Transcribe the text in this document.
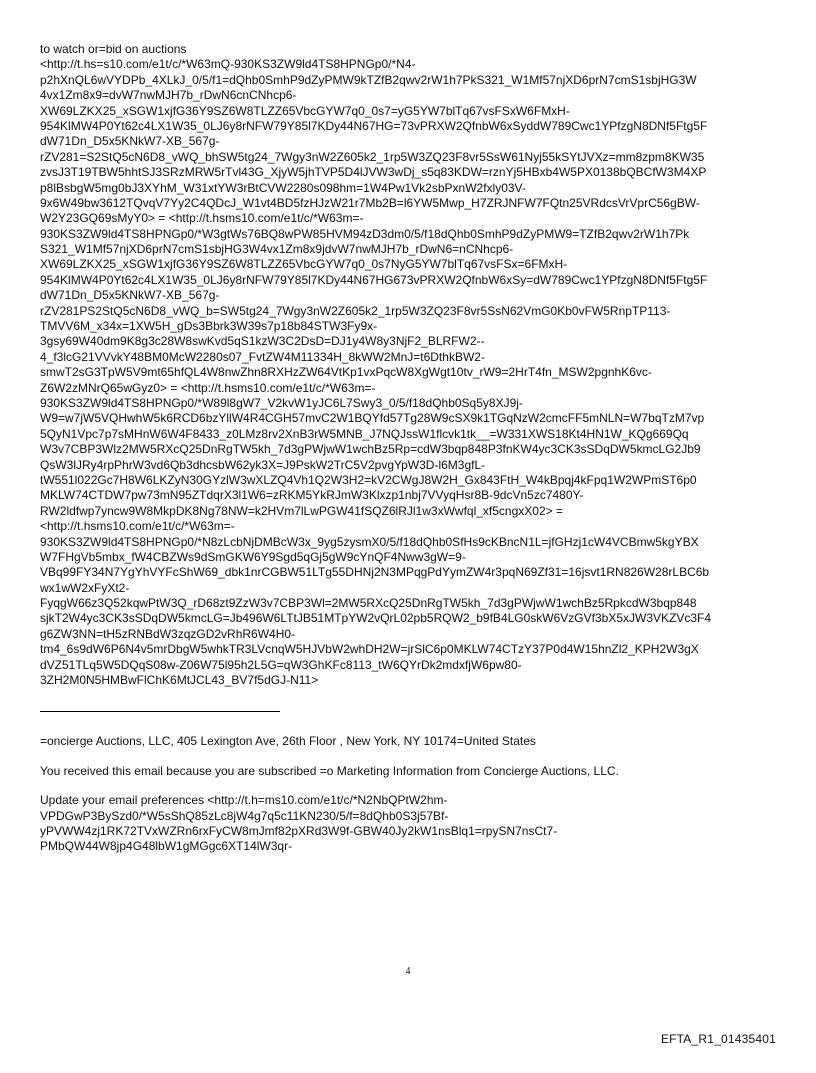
to watch or=bid on auctions
<http://t.hs=s10.com/e1t/c/*W63mQ-930KS3ZW9ld4TS8HPNGp0/*N4-
p2hXnQL6wVYDPb_4XLkJ_0/5/f1=dQhb0SmhP9dZyPMW9kTZfB2qwv2rW1h7PkS321_W1Mf57njXD6prN7cmS1sbjHG3W
4vx1Zm8x9=dvW7nwMJH7b_rDwN6cnCNhcp6-
XW69LZKX25_xSGW1xjfG36Y9SZ6W8TLZZ65VbcGYW7q0_0s7=yG5YW7blTq67vsFSxW6FMxH-
954KlMW4P0Yt62c4LX1W35_0LJ6y8rNFW79Y85l7KDy44N67HG=73vPRXW2QfnbW6xSyddW789Cwc1YPfzgN8DNf5Ftg5F
dW71Dn_D5x5KNkW7-XB_567g-
rZV281=S2StQ5cN6D8_vWQ_bhSW5tg24_7Wgy3nW2Z605k2_1rp5W3ZQ23F8vr5SsW61Nyj55kSYtJVXz=mm8zpm8KW35
zvsJ3T19TBW5hhtSJ3SRzMRW5rTvl43G_XjyW5jhTVP5D4lJVW3wDj_s5q83KDW=rznYj5HBxb4W5PX0138bQBCfW3M4XP
p8lBsbgW5mg0bJ3XYhM_W31xtYW3rBtCVW2280s098hm=1W4Pw1Vk2sbPxnW2fxly03V-
9x6W49bw3612TQvqV7Yy2C4QDcJ_W1vt4BD5fzHJzW21r7Mb2B=l6YW5Mwp_H7ZRJNFW7FQtn25VRdcsVrVprC56gBW-
W2Y23GQ69sMyY0> = <http://t.hsms10.com/e1t/c/*W63m=-
930KS3ZW9ld4TS8HPNGp0/*W3gtWs76BQ8wPW85HVM94zD3dm0/5/f18dQhb0SmhP9dZyPMW9=TZfB2qwv2rW1h7Pk
S321_W1Mf57njXD6prN7cmS1sbjHG3W4vx1Zm8x9jdvW7nwMJH7b_rDwN6=nCNhcp6-
XW69LZKX25_xSGW1xjfG36Y9SZ6W8TLZZ65VbcGYW7q0_0s7NyG5YW7blTq67vsFSx=6FMxH-
954KlMW4P0Yt62c4LX1W35_0LJ6y8rNFW79Y85l7KDy44N67HG673vPRXW2QfnbW6xSy=dW789Cwc1YPfzgN8DNf5Ftg5F
dW71Dn_D5x5KNkW7-XB_567g-
rZV281PS2StQ5cN6D8_vWQ_b=SW5tg24_7Wgy3nW2Z605k2_1rp5W3ZQ23F8vr5SsN62VmG0Kb0vFW5RnpTP113-
TMVV6M_x34x=1XW5H_gDs3Bbrk3W39s7p18b84STW3Fy9x-
3gsy69W40dm9K8g3c28W8swKvd5qS1kzW3C2DsD=DJ1y4W8y3NjF2_BLRFW2--
4_f3lcG21VVvkY48BM0McW2280s07_FvtZW4M11334H_8kWW2MnJ=t6DthkBW2-
smwT2sG3TpW5V9mt65hfQL4W8nwZhn8RXHzZW64VtKp1vxPqcW8XgWgt10tv_rW9=2HrT4fn_MSW2pgnhK6vc-
Z6W2zMNrQ65wGyz0> = <http://t.hsms10.com/e1t/c/*W63m=-
930KS3ZW9ld4TS8HPNGp0/*W89l8gW7_V2kvW1yJC6L7Swy3_0/5/f18dQhb0Sq5y8XJ9j-
W9=w7jW5VQHwhW5k6RCD6bzYllW4R4CGH57mvC2W1BQYfd57Tg28W9cSX9k1TGqNzW2cmcFF5mNLN=W7bqTzM7vp
5QyN1Vpc7p7sMHnW6W4F8433_z0LMz8rv2XnB3rW5MNB_J7NQJssW1flcvk1tk__=W331XWS18Kt4HN1W_KQg669Qq
W3v7CBP3Wlz2MW5RXcQ25DnRgTW5kh_7d3gPWjwW1wchBz5Rp=cdW3bqp848P3fnKW4yc3CK3sSDqDW5kmcLG2Jb9
QsW3lJRy4rpPhrW3vd6Qb3dhcsbW62yk3X=J9PskW2TrC5V2pvgYpW3D-l6M3gfL-
tW551l022Gc7H8W6LKZyN30GYzlW3wXLZQ4Vh1Q2W3H2=kV2CWgJ8W2H_Gx843FtH_W4kBpqj4kFpq1W2WPmST6p0
MKLW74CTDW7pw73mN95ZTdqrX3l1W6=zRKM5YkRJmW3Klxzp1nbj7VVyqHsr8B-9dcVn5zc7480Y-
RW2ldfwp7yncw9W8MkpDK8Ng78NW=k2HVm7lLwPGW41fSQZ6lRJl1w3xWwfql_xf5cngxX02> =
<http://t.hsms10.com/e1t/c/*W63m=-
930KS3ZW9ld4TS8HPNGp0/*N8zLcbNjDMBcW3x_9yg5zysmX0/5/f18dQhb0SfHs9cKBncN1L=jfGHzj1cW4VCBmw5kgYBX
W7FHgVb5mbx_fW4CBZWs9dSmGKW6Y9Sgd5qGj5gW9cYnQF4Nww3gW=9-
VBq99FY34N7YgYhVYFcShW69_dbk1nrCGBW51LTg55DHNj2N3MPqgPdYymZW4r3pqN69Zf31=16jsvt1RN826W28rLBC6b
wx1wW2xFyXt2-
FyqgW66z3Q52kqwPtW3Q_rD68zt9ZzW3v7CBP3Wl=2MW5RXcQ25DnRgTW5kh_7d3gPWjwW1wchBz5RpkcdW3bqp848
sjkT2W4yc3CK3sSDqDW5kmcLG=Jb496W6LTtJB51MTpYW2vQrL02pb5RQW2_b9fB4LG0skW6VzGVf3bX5xJW3VKZVc3F4
g6ZW3NN=tH5zRNBdW3zqzGD2vRhR6W4H0-
tm4_6s9dW6P6N4v5mrDbgW5whkTR3LVcnqW5HJVbW2whDH2W=jrSlC6p0MKLW74CTzY37P0d4W15hnZl2_KPH2W3gX
dVZ51TLq5W5DQqS08w-Z06W75l95h2L5G=qW3GhKFc8113_tW6QYrDk2mdxfjW6pw80-
3ZH2M0N5HMBwFlChK6MtJCL43_BV7f5dGJ-N11>
=oncierge Auctions, LLC, 405 Lexington Ave, 26th Floor , New York, NY 10174=United States
You received this email because you are subscribed =o Marketing Information from Concierge Auctions, LLC.
Update your email preferences <http://t.h=ms10.com/e1t/c/*N2NbQPtW2hm-
VPDGwP3BySzd0/*W5sShQ85zLc8jW4g7q5c11KN230/5/f=8dQhb0S3j57Bf-
yPVWW4zj1RK72TVxWZRn6rxFyCW8mJmf82pXRd3W9f-GBW40Jy2kW1nsBlq1=rpySN7nsCt7-
PMbQW44W8jp4G48lbW1gMGgc6XT14lW3qr-
4
EFTA_R1_01435401
